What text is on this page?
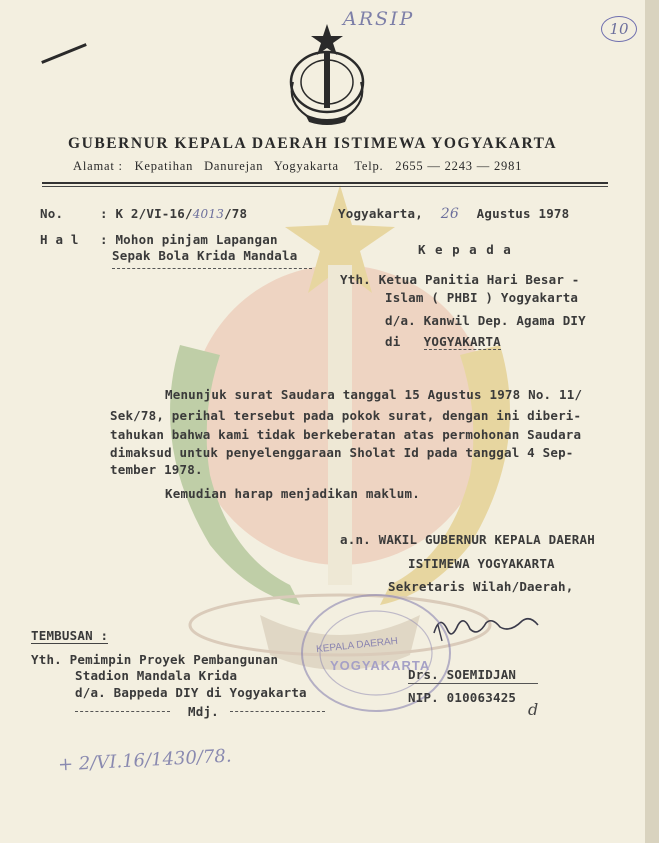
ARSIP	10
GUBERNUR KEPALA DAERAH ISTIMEWA YOGYAKARTA
Alamat : Kepatihan Danurejan Yogyakarta Telp. 2655 — 2243 — 2981
No.	: K 2/VI-16/4013/78	Yogyakarta, 26 Agustus 1978
H a l : Mohon pinjam Lapangan
Sepak Bola Krida Mandala	K e p a d a
Yth. Ketua Panitia Hari Besar -
Islam ( PHBI ) Yogyakarta
d/a. Kanwil Dep. Agama DIY
di YOGYAKARTA
Menunjuk surat Saudara tanggal 15 Agustus 1978 No. 11/
Sek/78, perihal tersebut pada pokok surat, dengan ini diberi-
tahukan bahwa kami tidak berkeberatan atas permohonan Saudara
dimaksud untuk penyelenggaraan Sholat Id pada tanggal 4 Sep-
tember 1978.
Kemudian harap menjadikan maklum.
a.n. WAKIL GUBERNUR KEPALA DAERAH
ISTIMEWA YOGYAKARTA
Sekretaris Wilah/Daerah,
KEPALA DAERAH
YOGYAKARTA
Drs. SOEMIDJAN
NIP. 010063425
d
TEMBUSAN :
Yth. Pemimpin Proyek Pembangunan
Stadion Mandala Krida
d/a. Bappeda DIY di Yogyakarta
Mdj.
+ 2/VI.16/1430/78.
